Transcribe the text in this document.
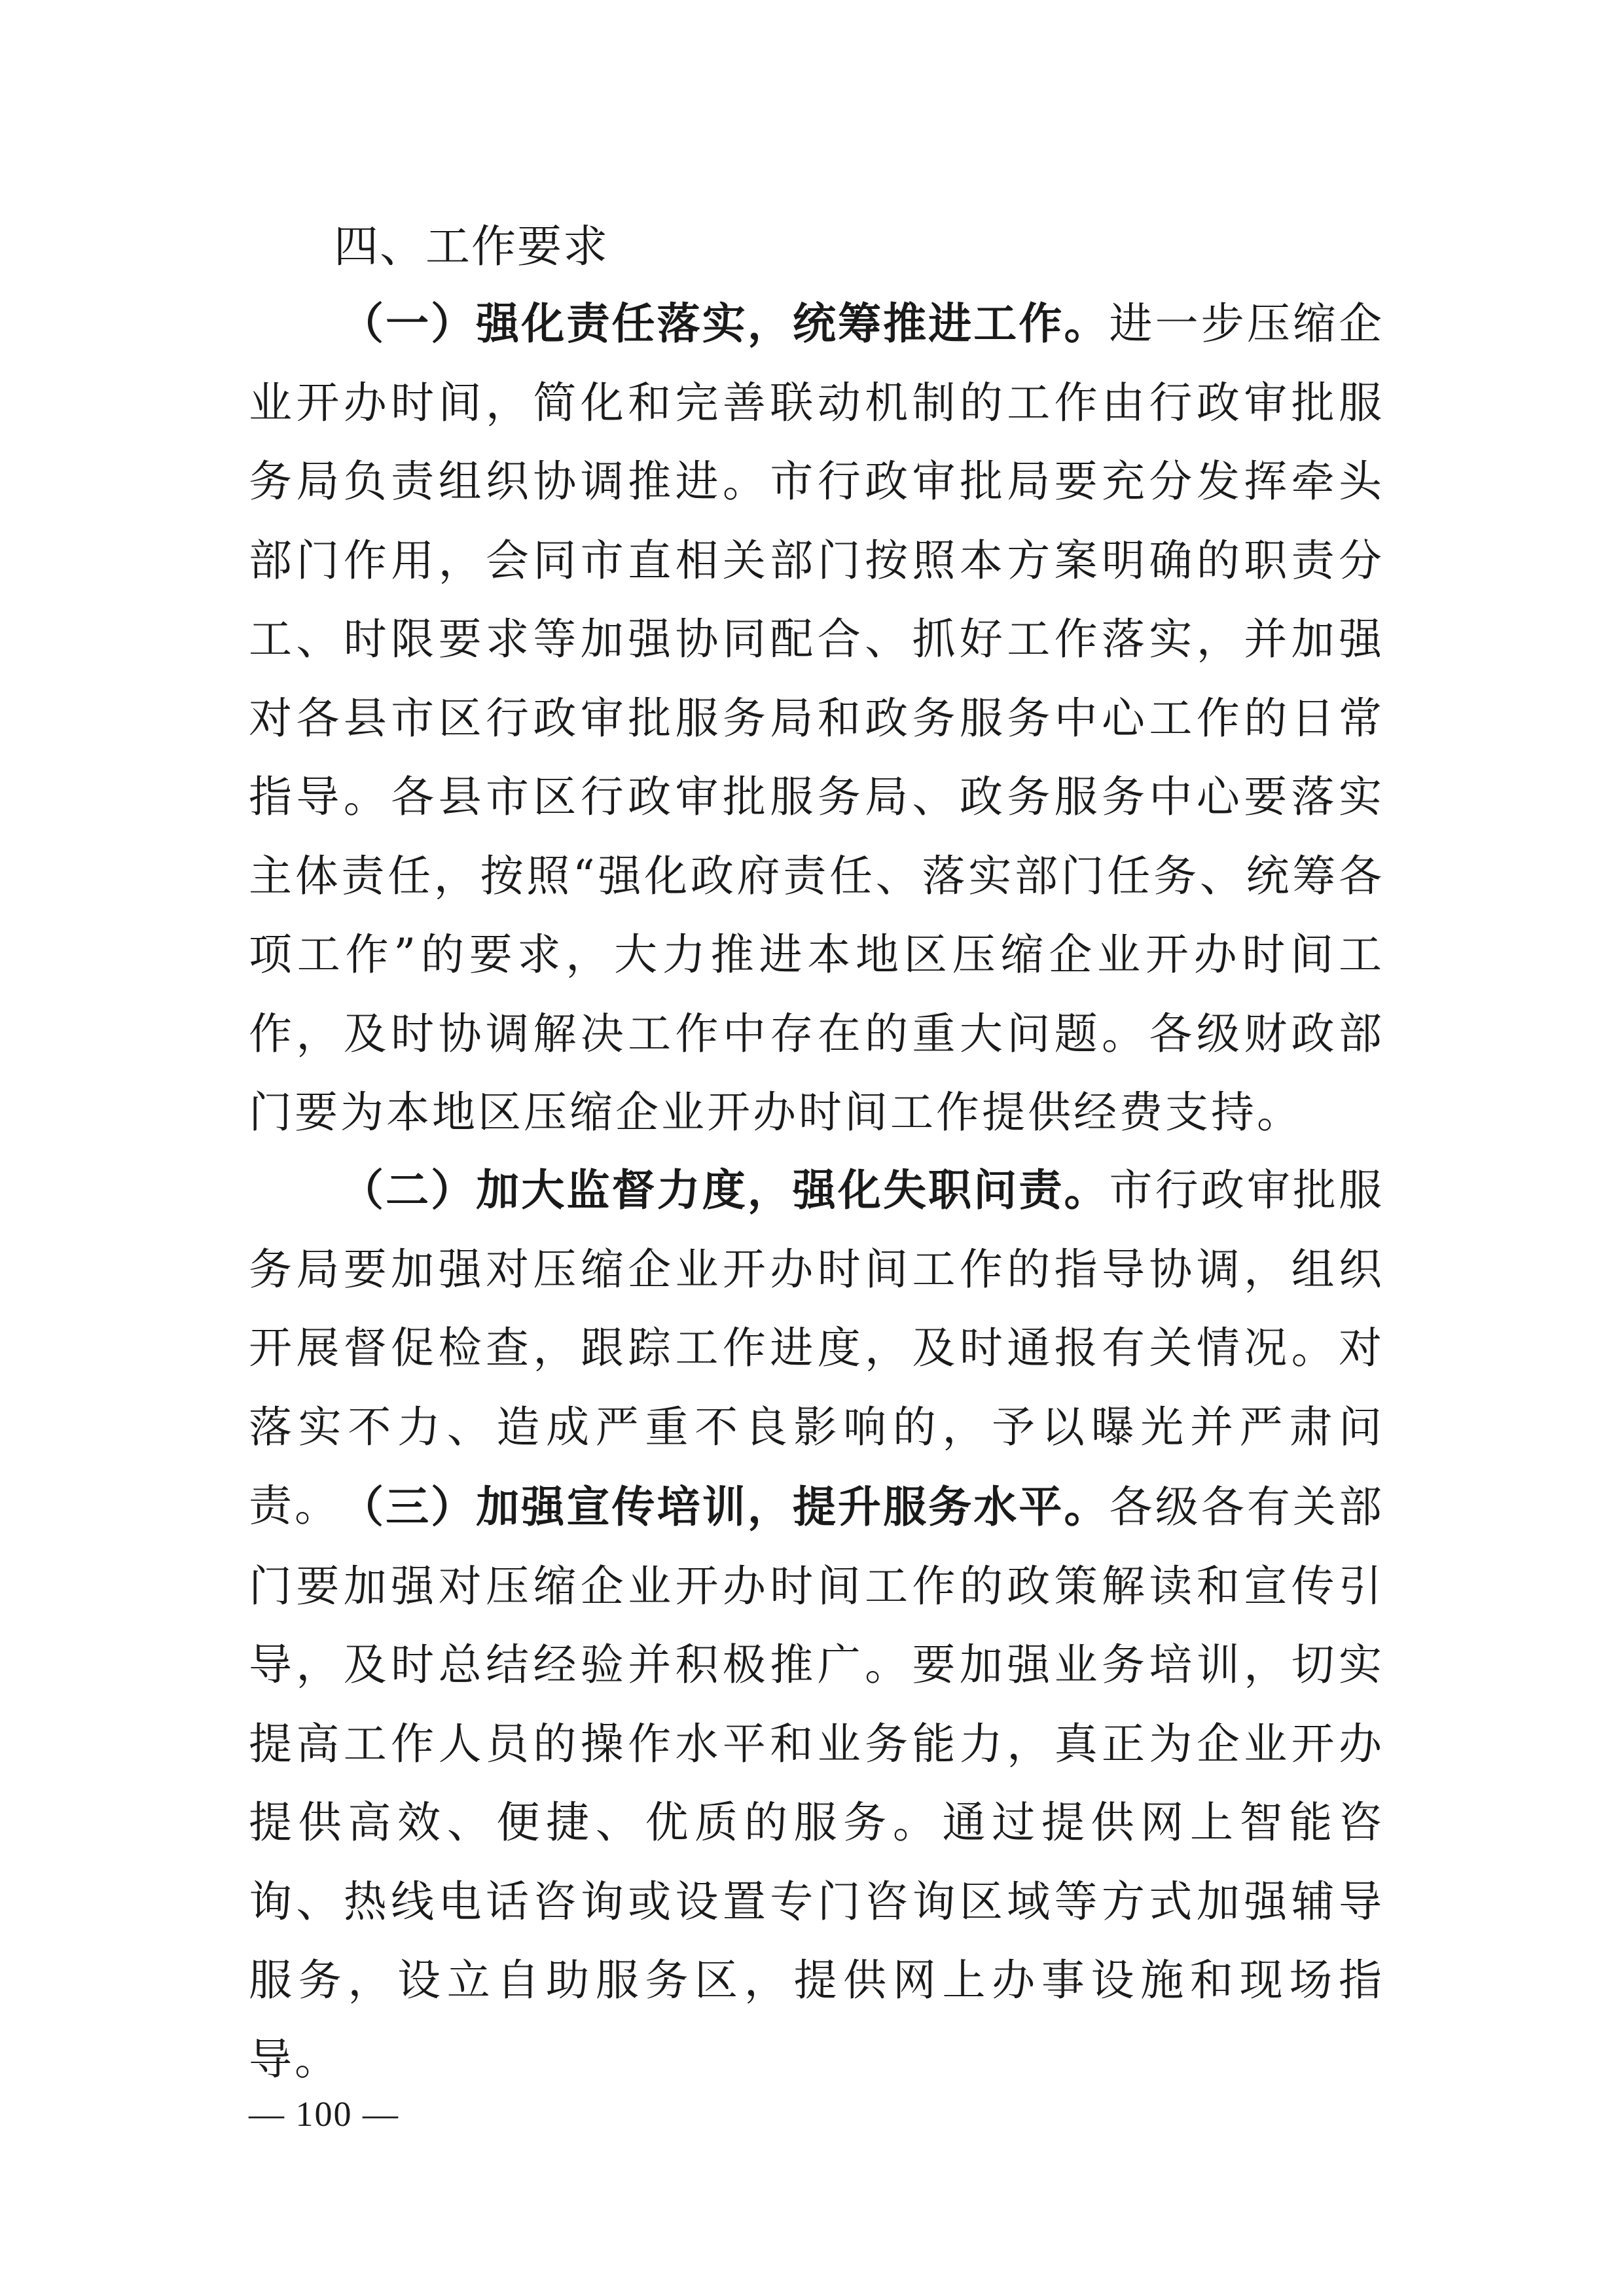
四、工作要求

（一）强化责任落实，统筹推进工作。进一步压缩企业开办时间，简化和完善联动机制的工作由行政审批服务局负责组织协调推进。市行政审批局要充分发挥牵头部门作用，会同市直相关部门按照本方案明确的职责分工、时限要求等加强协同配合、抓好工作落实，并加强对各县市区行政审批服务局和政务服务中心工作的日常指导。各县市区行政审批服务局、政务服务中心要落实主体责任，按照“强化政府责任、落实部门任务、统筹各项工作”的要求，大力推进本地区压缩企业开办时间工作，及时协调解决工作中存在的重大问题。各级财政部门要为本地区压缩企业开办时间工作提供经费支持。

（二）加大监督力度，强化失职问责。市行政审批服务局要加强对压缩企业开办时间工作的指导协调，组织开展督促检查，跟踪工作进度，及时通报有关情况。对落实不力、造成严重不良影响的，予以曝光并严肃问责。 （三）加强宣传培训，提升服务水平。各级各有关部门要加强对压缩企业开办时间工作的政策解读和宣传引导，及时总结经验并积极推广。要加强业务培训，切实提高工作人员的操作水平和业务能力，真正为企业开办提供高效、便捷、优质的服务。通过提供网上智能咨询、热线电话咨询或设置专门咨询区域等方式加强辅导服务，设立自助服务区，提供网上办事设施和现场指导。

— 100 —
